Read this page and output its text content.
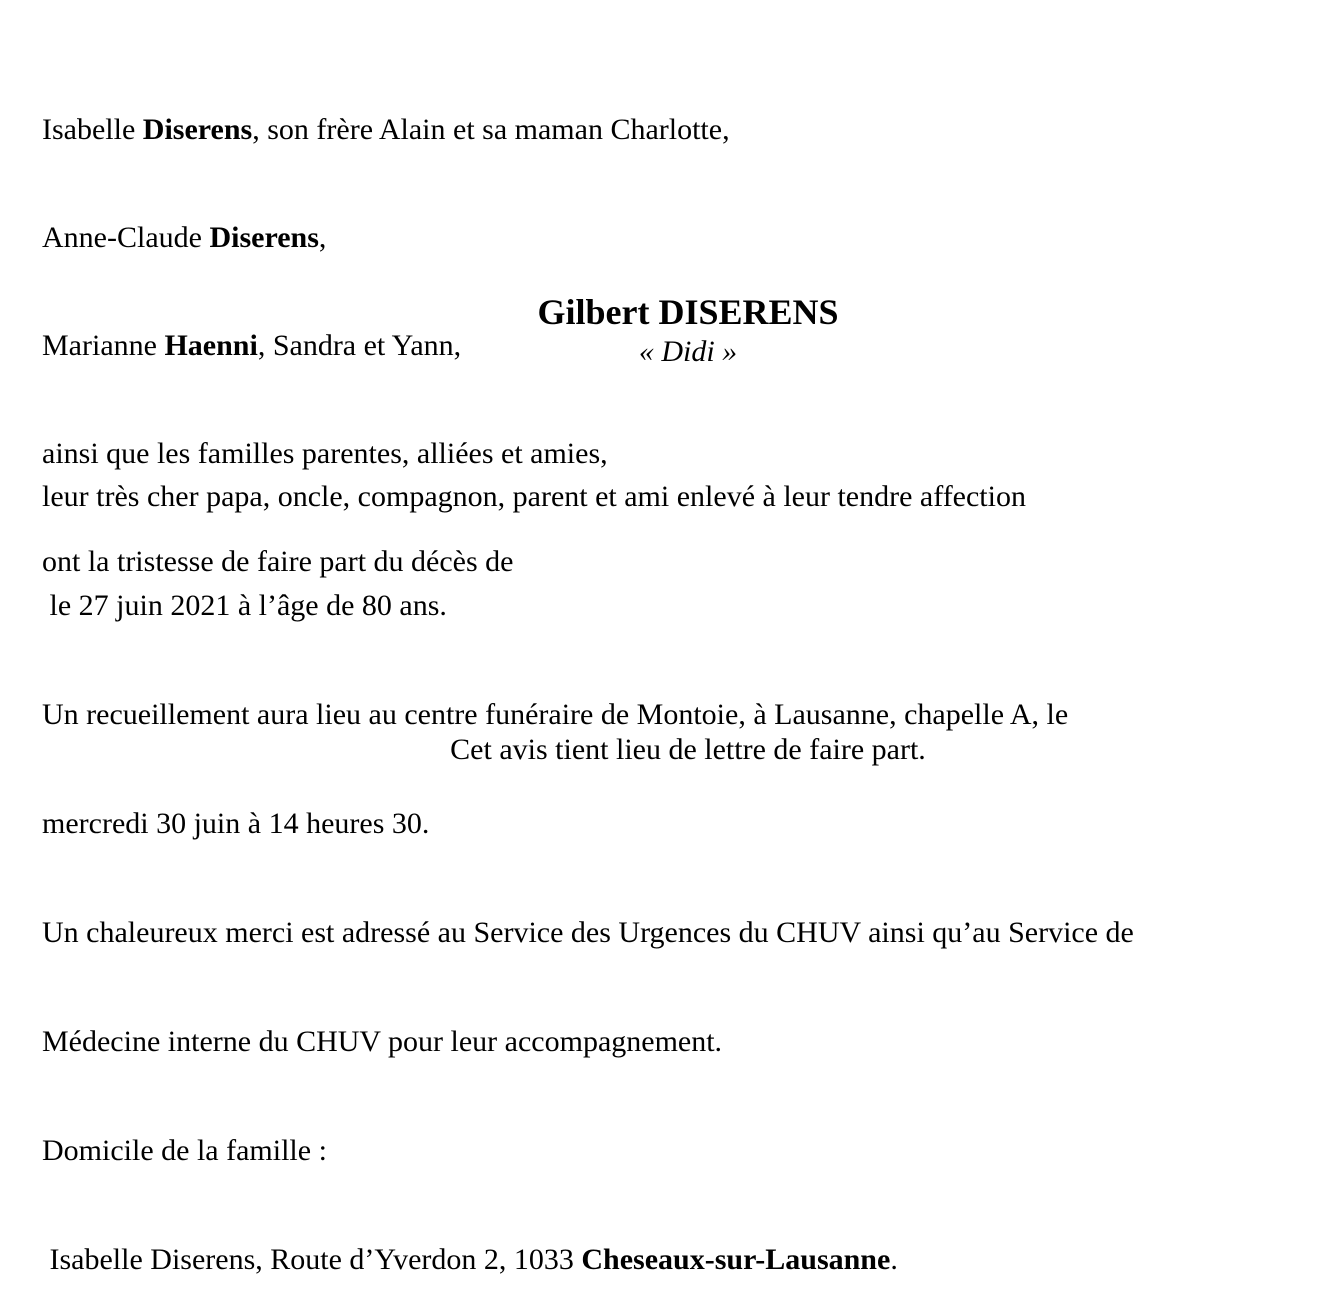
Isabelle Diserens, son frère Alain et sa maman Charlotte,

Anne-Claude Diserens,

Marianne Haenni, Sandra et Yann,

ainsi que les familles parentes, alliées et amies,

ont la tristesse de faire part du décès de

Gilbert DISERENS
« Didi »

leur très cher papa, oncle, compagnon, parent et ami enlevé à leur tendre affection

le 27 juin 2021 à l’âge de 80 ans.

Un recueillement aura lieu au centre funéraire de Montoie, à Lausanne, chapelle A, le

mercredi 30 juin à 14 heures 30.

Un chaleureux merci est adressé au Service des Urgences du CHUV ainsi qu’au Service de

Médecine interne du CHUV pour leur accompagnement.

Domicile de la famille :

Isabelle Diserens, Route d’Yverdon 2, 1033 Cheseaux-sur-Lausanne.

Cet avis tient lieu de lettre de faire part.
